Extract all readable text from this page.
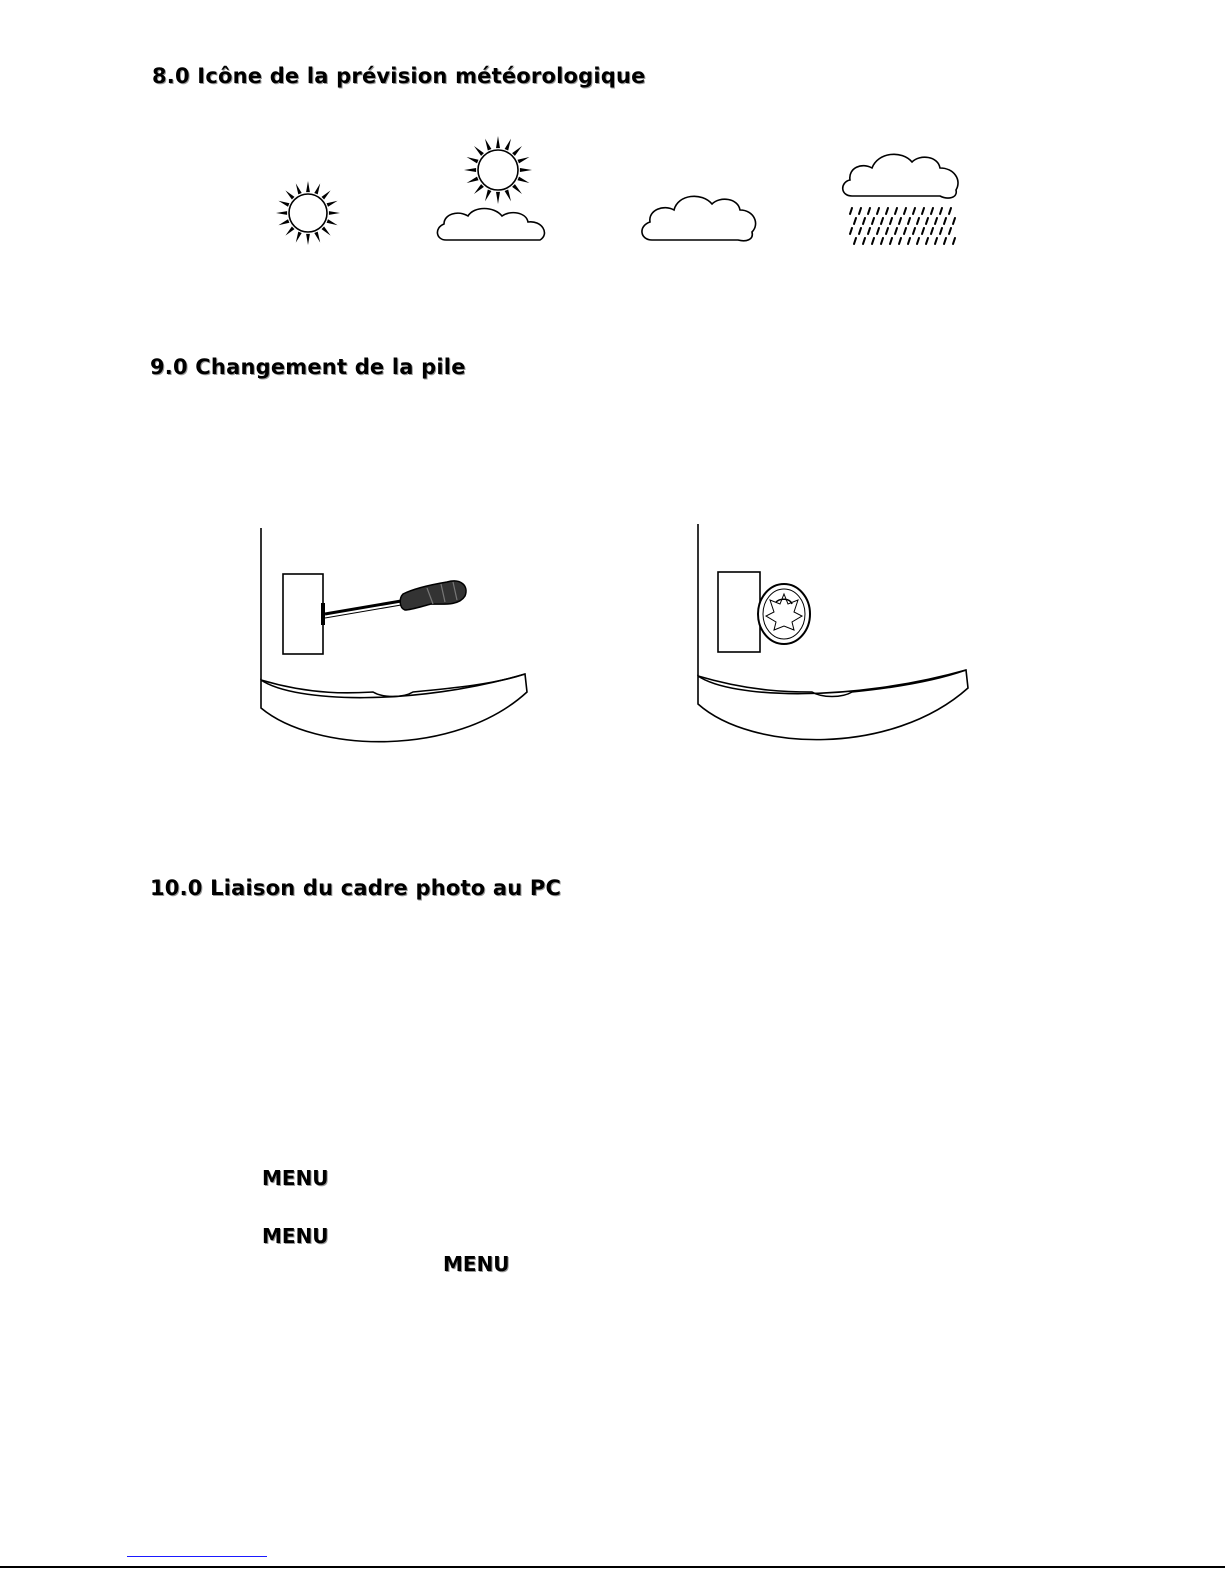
8.0 Icône de la prévision météorologique
9.0 Changement de la pile
10.0 Liaison du cadre photo au PC
MENU
MENU
MENU
